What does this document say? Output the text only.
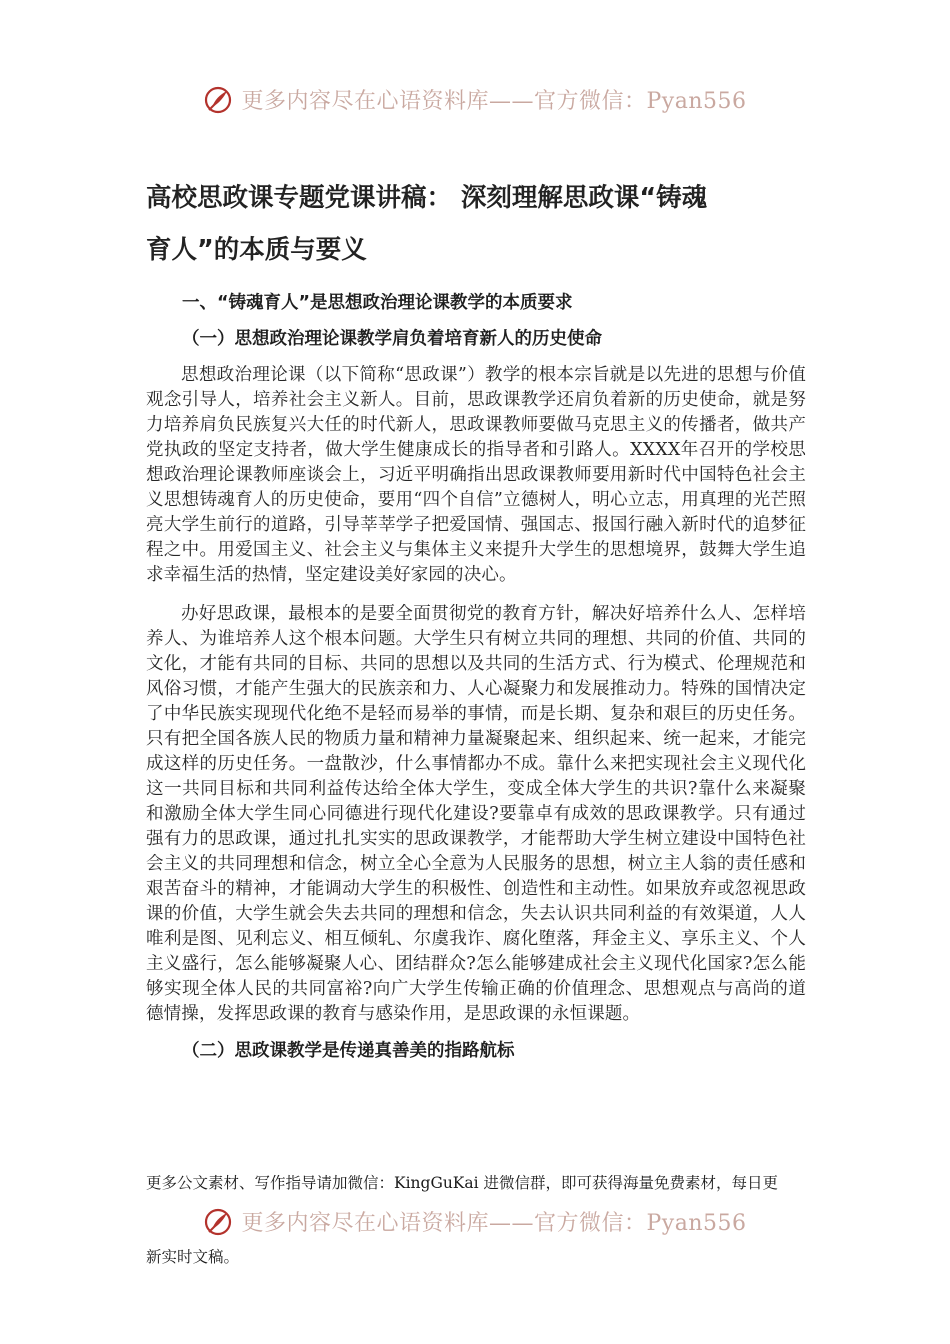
更多内容尽在心语资料库——官方微信：Pyan556
高校思政课专题党课讲稿： 深刻理解思政课“铸魂
育人”的本质与要义
一、“铸魂育人”是思想政治理论课教学的本质要求
（一）思想政治理论课教学肩负着培育新人的历史使命

思想政治理论课（以下简称“思政课”）教学的根本宗旨就是以先进的思想与价值观念引导人，培养社会主义新人。目前，思政课教学还肩负着新的历史使命，就是努力培养肩负民族复兴大任的时代新人，思政课教师要做马克思主义的传播者，做共产党执政的坚定支持者，做大学生健康成长的指导者和引路人。XXXX年召开的学校思想政治理论课教师座谈会上，习近平明确指出思政课教师要用新时代中国特色社会主义思想铸魂育人的历史使命，要用“四个自信”立德树人，明心立志，用真理的光芒照亮大学生前行的道路，引导莘莘学子把爱国情、强国志、报国行融入新时代的追梦征程之中。用爱国主义、社会主义与集体主义来提升大学生的思想境界，鼓舞大学生追求幸福生活的热情，坚定建设美好家园的决心。

办好思政课，最根本的是要全面贯彻党的教育方针，解决好培养什么人、怎样培养人、为谁培养人这个根本问题。大学生只有树立共同的理想、共同的价值、共同的文化，才能有共同的目标、共同的思想以及共同的生活方式、行为模式、伦理规范和风俗习惯，才能产生强大的民族亲和力、人心凝聚力和发展推动力。特殊的国情决定了中华民族实现现代化绝不是轻而易举的事情，而是长期、复杂和艰巨的历史任务。只有把全国各族人民的物质力量和精神力量凝聚起来、组织起来、统一起来，才能完成这样的历史任务。一盘散沙，什么事情都办不成。靠什么来把实现社会主义现代化这一共同目标和共同利益传达给全体大学生，变成全体大学生的共识?靠什么来凝聚和激励全体大学生同心同德进行现代化建设?要靠卓有成效的思政课教学。只有通过强有力的思政课，通过扎扎实实的思政课教学，才能帮助大学生树立建设中国特色社会主义的共同理想和信念，树立全心全意为人民服务的思想，树立主人翁的责任感和艰苦奋斗的精神，才能调动大学生的积极性、创造性和主动性。如果放弃或忽视思政课的价值，大学生就会失去共同的理想和信念，失去认识共同利益的有效渠道，人人唯利是图、见利忘义、相互倾轧、尔虞我诈、腐化堕落，拜金主义、享乐主义、个人主义盛行，怎么能够凝聚人心、团结群众?怎么能够建成社会主义现代化国家?怎么能够实现全体人民的共同富裕?向广大学生传输正确的价值理念、思想观点与高尚的道德情操，发挥思政课的教育与感染作用，是思政课的永恒课题。

（二）思政课教学是传递真善美的指路航标
更多公文素材、写作指导请加微信：KingGuKai 进微信群，即可获得海量免费素材，每日更
新实时文稿。
更多内容尽在心语资料库——官方微信：Pyan556
